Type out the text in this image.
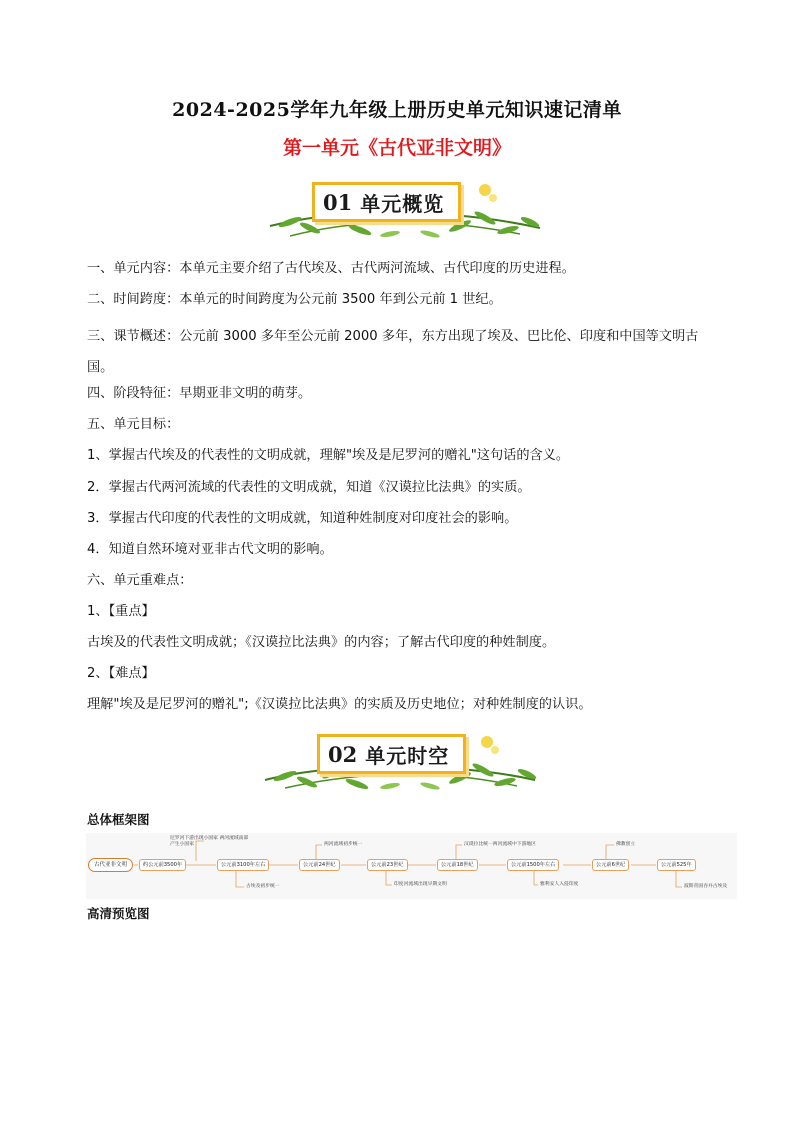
2024-2025学年九年级上册历史单元知识速记清单
第一单元《古代亚非文明》
01 单元概览
一、单元内容：本单元主要介绍了古代埃及、古代两河流域、古代印度的历史进程。
二、时间跨度：本单元的时间跨度为公元前 3500 年到公元前 1 世纪。
三、课节概述：公元前 3000 多年至公元前 2000 多年，东方出现了埃及、巴比伦、印度和中国等文明古国。
四、阶段特征：早期亚非文明的萌芽。
五、单元目标：
1、掌握古代埃及的代表性的文明成就，理解"埃及是尼罗河的赠礼"这句话的含义。
2．掌握古代两河流域的代表性的文明成就，知道《汉谟拉比法典》的实质。
3．掌握古代印度的代表性的文明成就，知道种姓制度对印度社会的影响。
4．知道自然环境对亚非古代文明的影响。
六、单元重难点：
1、【重点】
古埃及的代表性文明成就；《汉谟拉比法典》的内容；了解古代印度的种姓制度。
2、【难点】
理解"埃及是尼罗河的赠礼";《汉谟拉比法典》的实质及历史地位；对种姓制度的认识。
02 单元时空
总体框架图
古代亚非文明	约公元前3500年	公元前3100年左右	公元前24世纪	公元前23世纪	公元前18世纪	公元前1500年左右	公元前6世纪	公元前525年
尼罗河下游出现小国家 两河流域南部
产生小国家	两河流域初步统一	汉谟拉比统一两河流域中下游地区	佛教创立
古埃及初步统一	印度河流域出现早期文明	雅利安人入侵印度	波斯帝国吞并古埃及
高清预览图
